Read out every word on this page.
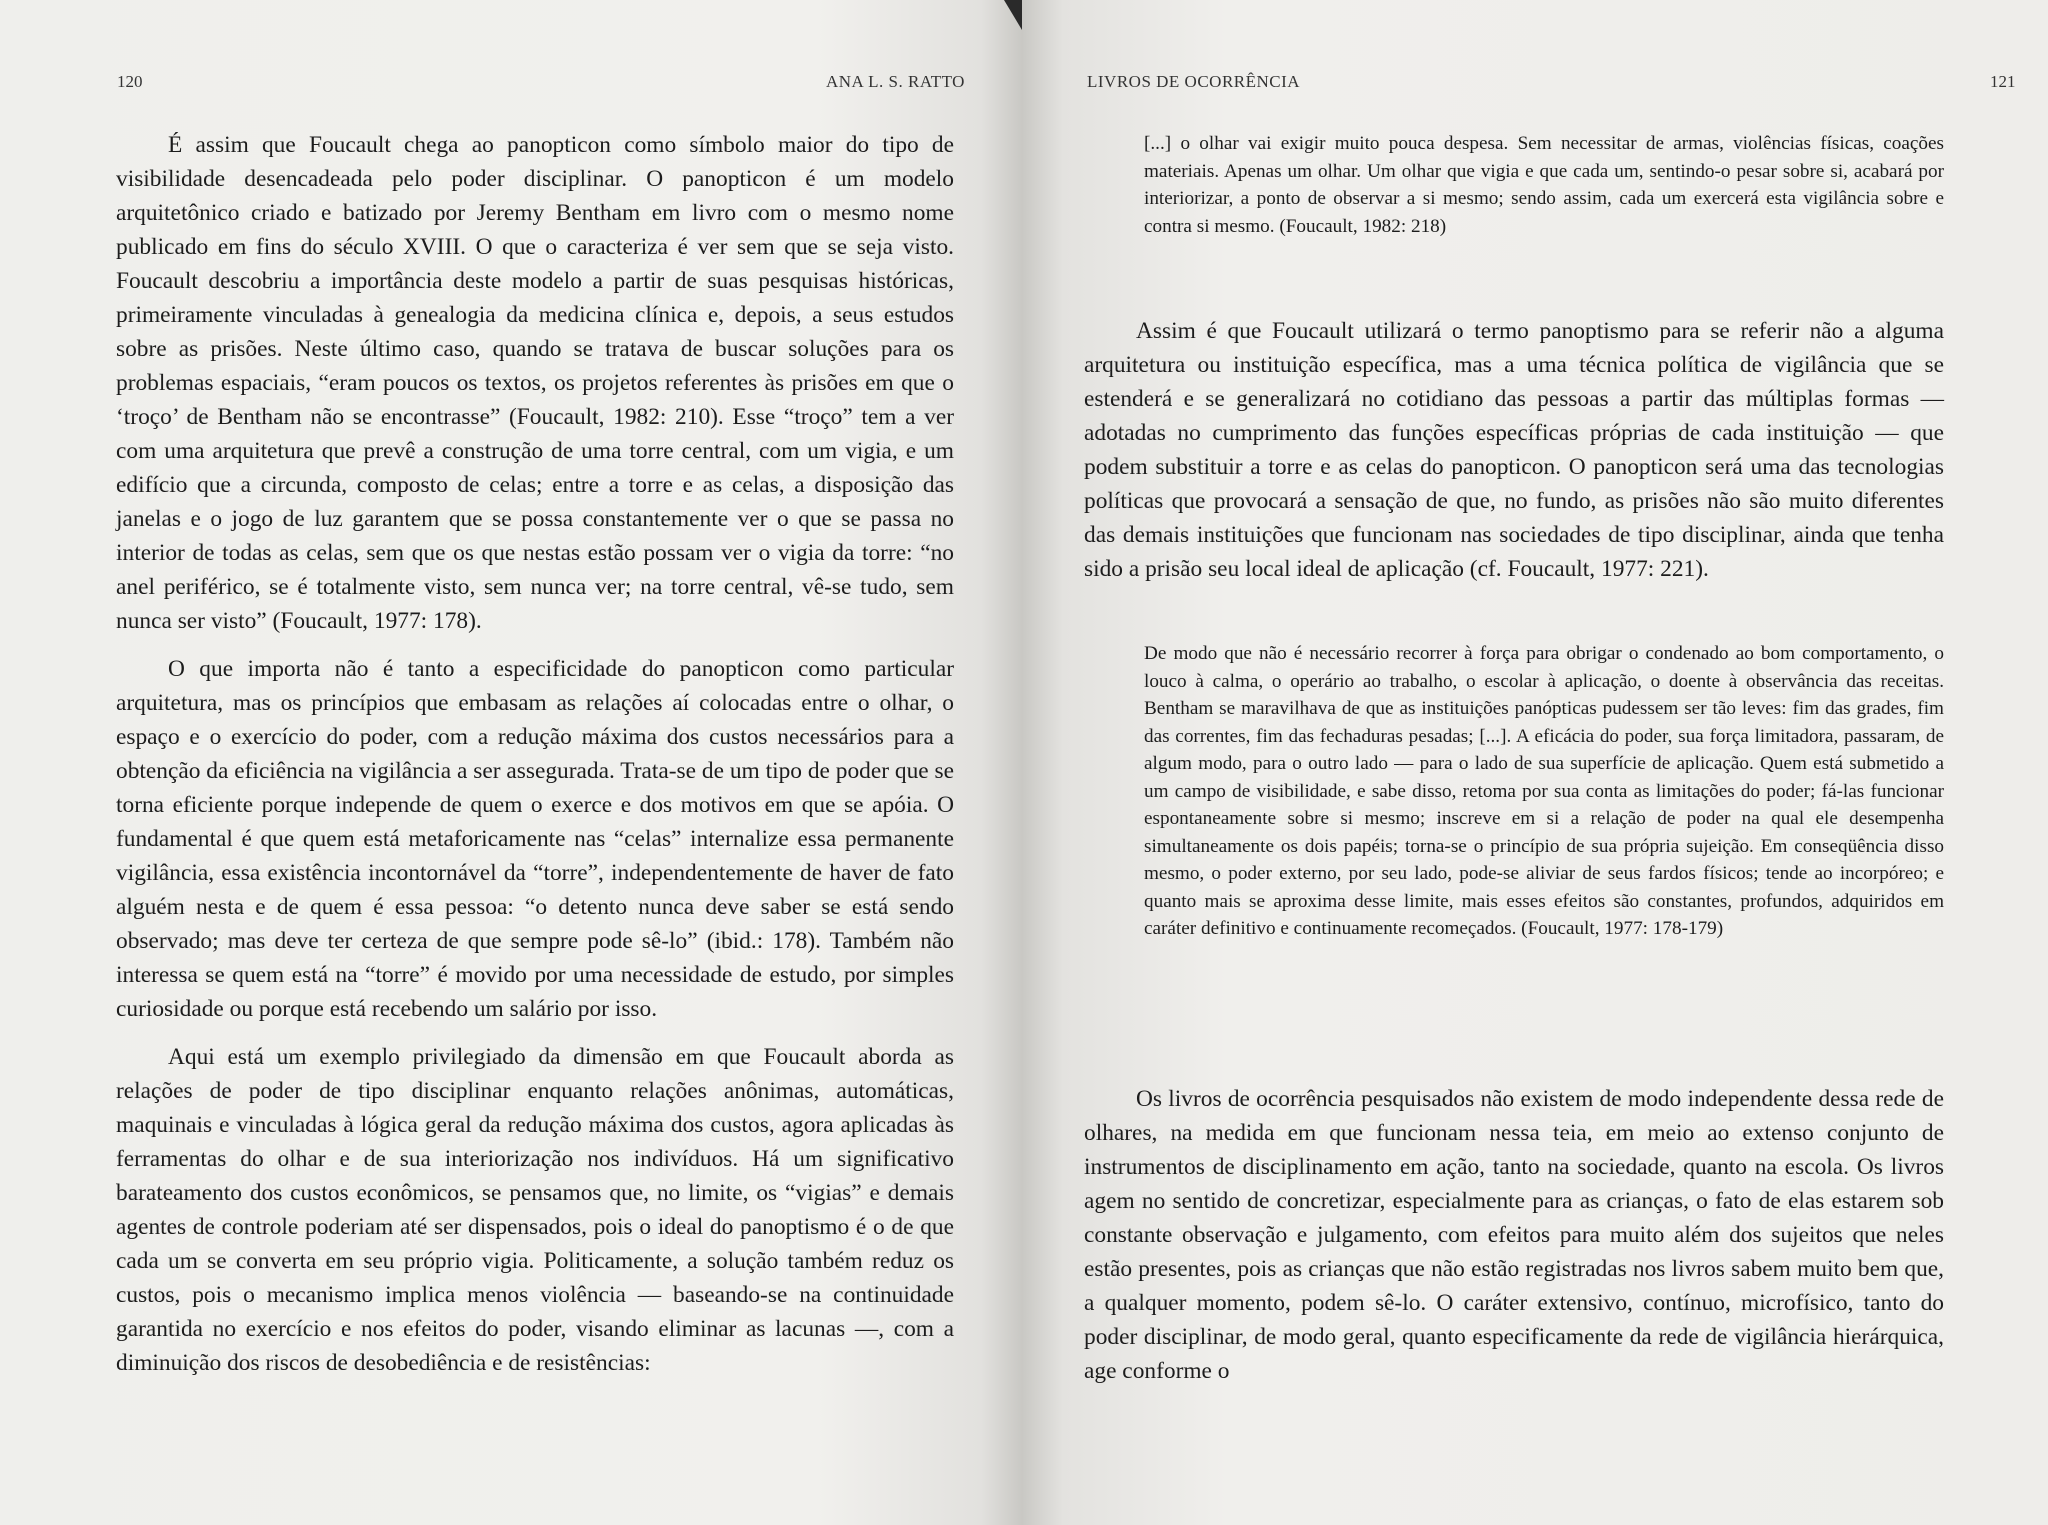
120	ANA L. S. RATTO

É assim que Foucault chega ao panopticon como símbolo maior do tipo de visibilidade desencadeada pelo poder disciplinar. O panopticon é um modelo arquitetônico criado e batizado por Jeremy Bentham em livro com o mesmo nome publicado em fins do século XVIII. O que o caracteriza é ver sem que se seja visto. Foucault descobriu a importância deste modelo a partir de suas pesquisas históricas, primeiramente vinculadas à genealogia da medicina clínica e, depois, a seus estudos sobre as prisões. Neste último caso, quando se tratava de buscar soluções para os problemas espaciais, “eram poucos os textos, os projetos referentes às prisões em que o ‘troço’ de Bentham não se encontrasse” (Foucault, 1982: 210). Esse “troço” tem a ver com uma arquitetura que prevê a construção de uma torre central, com um vigia, e um edifício que a circunda, composto de celas; entre a torre e as celas, a disposição das janelas e o jogo de luz garantem que se possa constantemente ver o que se passa no interior de todas as celas, sem que os que nestas estão possam ver o vigia da torre: “no anel periférico, se é totalmente visto, sem nunca ver; na torre central, vê-se tudo, sem nunca ser visto” (Foucault, 1977: 178).

O que importa não é tanto a especificidade do panopticon como particular arquitetura, mas os princípios que embasam as relações aí colocadas entre o olhar, o espaço e o exercício do poder, com a redução máxima dos custos necessários para a obtenção da eficiência na vigilância a ser assegurada. Trata-se de um tipo de poder que se torna eficiente porque independe de quem o exerce e dos motivos em que se apóia. O fundamental é que quem está metaforicamente nas “celas” internalize essa permanente vigilância, essa existência incontornável da “torre”, independentemente de haver de fato alguém nesta e de quem é essa pessoa: “o detento nunca deve saber se está sendo observado; mas deve ter certeza de que sempre pode sê-lo” (ibid.: 178). Também não interessa se quem está na “torre” é movido por uma necessidade de estudo, por simples curiosidade ou porque está recebendo um salário por isso.

Aqui está um exemplo privilegiado da dimensão em que Foucault aborda as relações de poder de tipo disciplinar enquanto relações anônimas, automáticas, maquinais e vinculadas à lógica geral da redução máxima dos custos, agora aplicadas às ferramentas do olhar e de sua interiorização nos indivíduos. Há um significativo barateamento dos custos econômicos, se pensamos que, no limite, os “vigias” e demais agentes de controle poderiam até ser dispensados, pois o ideal do panoptismo é o de que cada um se converta em seu próprio vigia. Politicamente, a solução também reduz os custos, pois o mecanismo implica menos violência — baseando-se na continuidade garantida no exercício e nos efeitos do poder, visando eliminar as lacunas —, com a diminuição dos riscos de desobediência e de resistências:

LIVROS DE OCORRÊNCIA	121

[...] o olhar vai exigir muito pouca despesa. Sem necessitar de armas, violências físicas, coações materiais. Apenas um olhar. Um olhar que vigia e que cada um, sentindo-o pesar sobre si, acabará por interiorizar, a ponto de observar a si mesmo; sendo assim, cada um exercerá esta vigilância sobre e contra si mesmo. (Foucault, 1982: 218)

Assim é que Foucault utilizará o termo panoptismo para se referir não a alguma arquitetura ou instituição específica, mas a uma técnica política de vigilância que se estenderá e se generalizará no cotidiano das pessoas a partir das múltiplas formas — adotadas no cumprimento das funções específicas próprias de cada instituição — que podem substituir a torre e as celas do panopticon. O panopticon será uma das tecnologias políticas que provocará a sensação de que, no fundo, as prisões não são muito diferentes das demais instituições que funcionam nas sociedades de tipo disciplinar, ainda que tenha sido a prisão seu local ideal de aplicação (cf. Foucault, 1977: 221).

De modo que não é necessário recorrer à força para obrigar o condenado ao bom comportamento, o louco à calma, o operário ao trabalho, o escolar à aplicação, o doente à observância das receitas. Bentham se maravilhava de que as instituições panópticas pudessem ser tão leves: fim das grades, fim das correntes, fim das fechaduras pesadas; [...]. A eficácia do poder, sua força limitadora, passaram, de algum modo, para o outro lado — para o lado de sua superfície de aplicação. Quem está submetido a um campo de visibilidade, e sabe disso, retoma por sua conta as limitações do poder; fá-las funcionar espontaneamente sobre si mesmo; inscreve em si a relação de poder na qual ele desempenha simultaneamente os dois papéis; torna-se o princípio de sua própria sujeição. Em conseqüência disso mesmo, o poder externo, por seu lado, pode-se aliviar de seus fardos físicos; tende ao incorpóreo; e quanto mais se aproxima desse limite, mais esses efeitos são constantes, profundos, adquiridos em caráter definitivo e continuamente recomeçados. (Foucault, 1977: 178-179)

Os livros de ocorrência pesquisados não existem de modo independente dessa rede de olhares, na medida em que funcionam nessa teia, em meio ao extenso conjunto de instrumentos de disciplinamento em ação, tanto na sociedade, quanto na escola. Os livros agem no sentido de concretizar, especialmente para as crianças, o fato de elas estarem sob constante observação e julgamento, com efeitos para muito além dos sujeitos que neles estão presentes, pois as crianças que não estão registradas nos livros sabem muito bem que, a qualquer momento, podem sê-lo. O caráter extensivo, contínuo, microfísico, tanto do poder disciplinar, de modo geral, quanto especificamente da rede de vigilância hierárquica, age conforme o
